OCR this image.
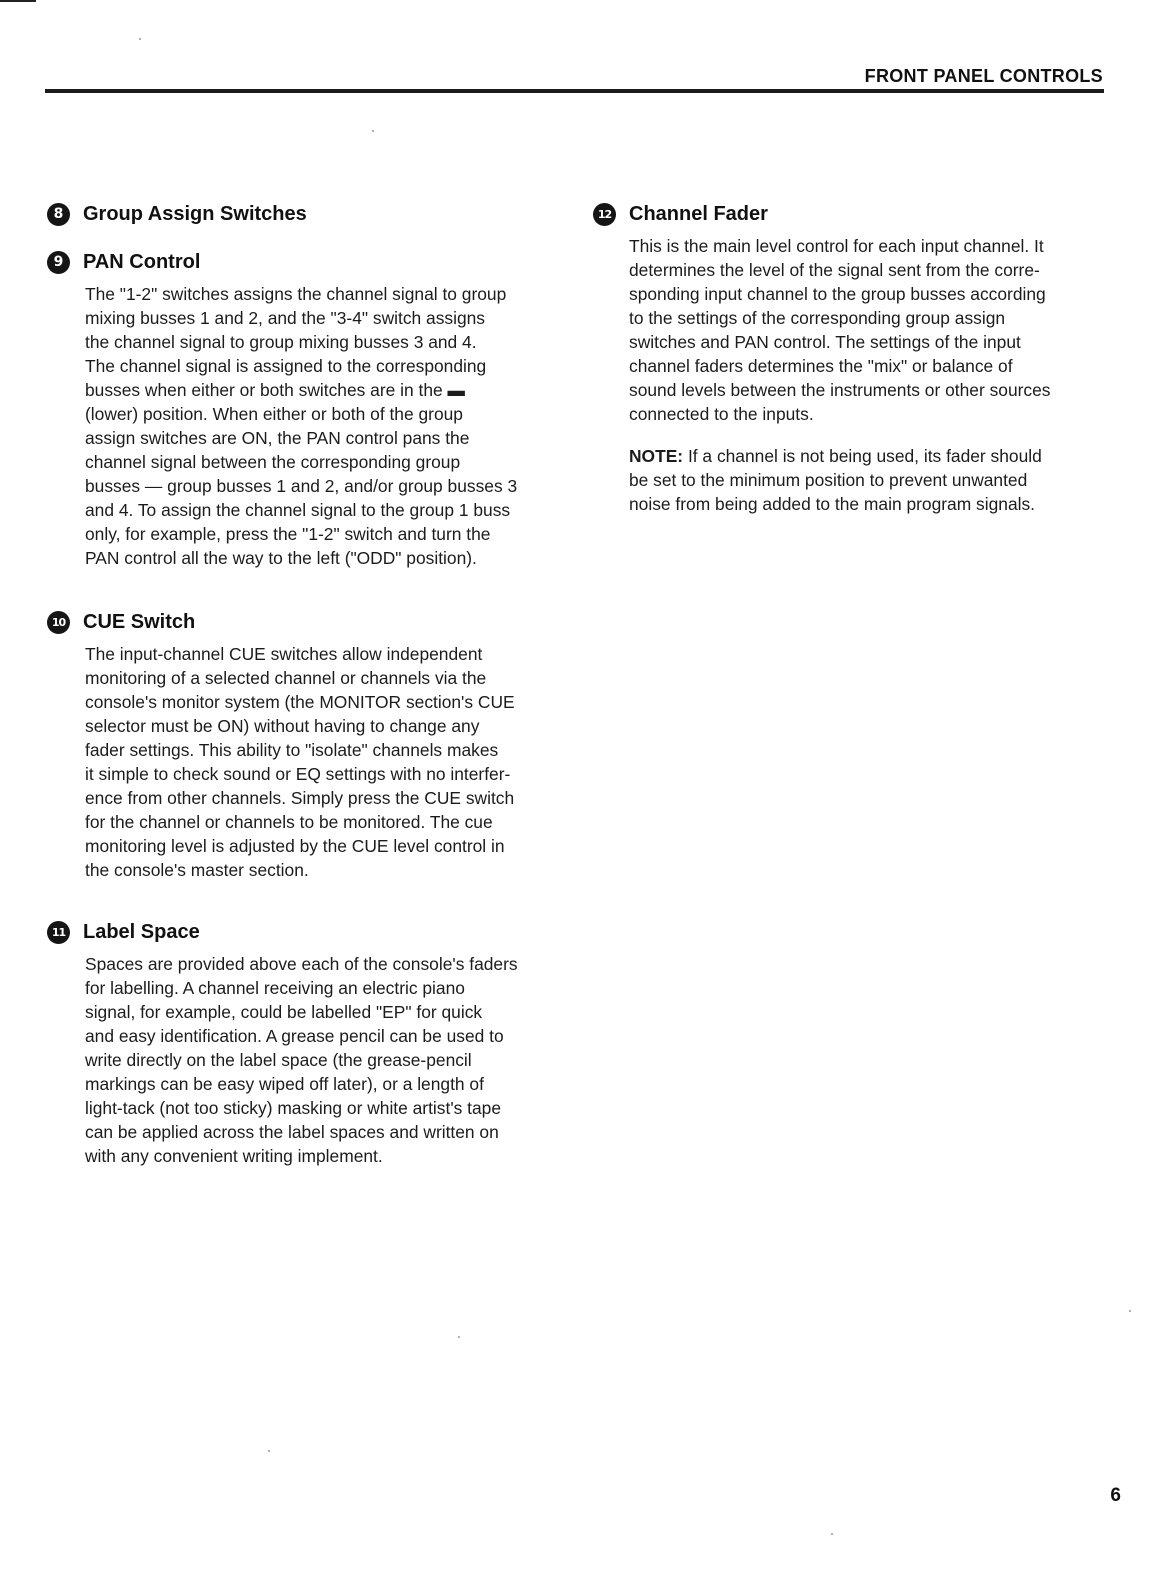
FRONT PANEL CONTROLS
8 Group Assign Switches
9 PAN Control
The "1-2" switches assigns the channel signal to group
mixing busses 1 and 2, and the "3-4" switch assigns
the channel signal to group mixing busses 3 and 4.
The channel signal is assigned to the corresponding
busses when either or both switches are in the ▬
(lower) position. When either or both of the group
assign switches are ON, the PAN control pans the
channel signal between the corresponding group
busses — group busses 1 and 2, and/or group busses 3
and 4. To assign the channel signal to the group 1 buss
only, for example, press the "1-2" switch and turn the
PAN control all the way to the left ("ODD" position).
10 CUE Switch
The input-channel CUE switches allow independent
monitoring of a selected channel or channels via the
console's monitor system (the MONITOR section's CUE
selector must be ON) without having to change any
fader settings. This ability to "isolate" channels makes
it simple to check sound or EQ settings with no interfer-
ence from other channels. Simply press the CUE switch
for the channel or channels to be monitored. The cue
monitoring level is adjusted by the CUE level control in
the console's master section.
11 Label Space
Spaces are provided above each of the console's faders
for labelling. A channel receiving an electric piano
signal, for example, could be labelled "EP" for quick
and easy identification. A grease pencil can be used to
write directly on the label space (the grease-pencil
markings can be easy wiped off later), or a length of
light-tack (not too sticky) masking or white artist's tape
can be applied across the label spaces and written on
with any convenient writing implement.
12 Channel Fader
This is the main level control for each input channel. It
determines the level of the signal sent from the corre-
sponding input channel to the group busses according
to the settings of the corresponding group assign
switches and PAN control. The settings of the input
channel faders determines the "mix" or balance of
sound levels between the instruments or other sources
connected to the inputs.
NOTE: If a channel is not being used, its fader should
be set to the minimum position to prevent unwanted
noise from being added to the main program signals.
6
